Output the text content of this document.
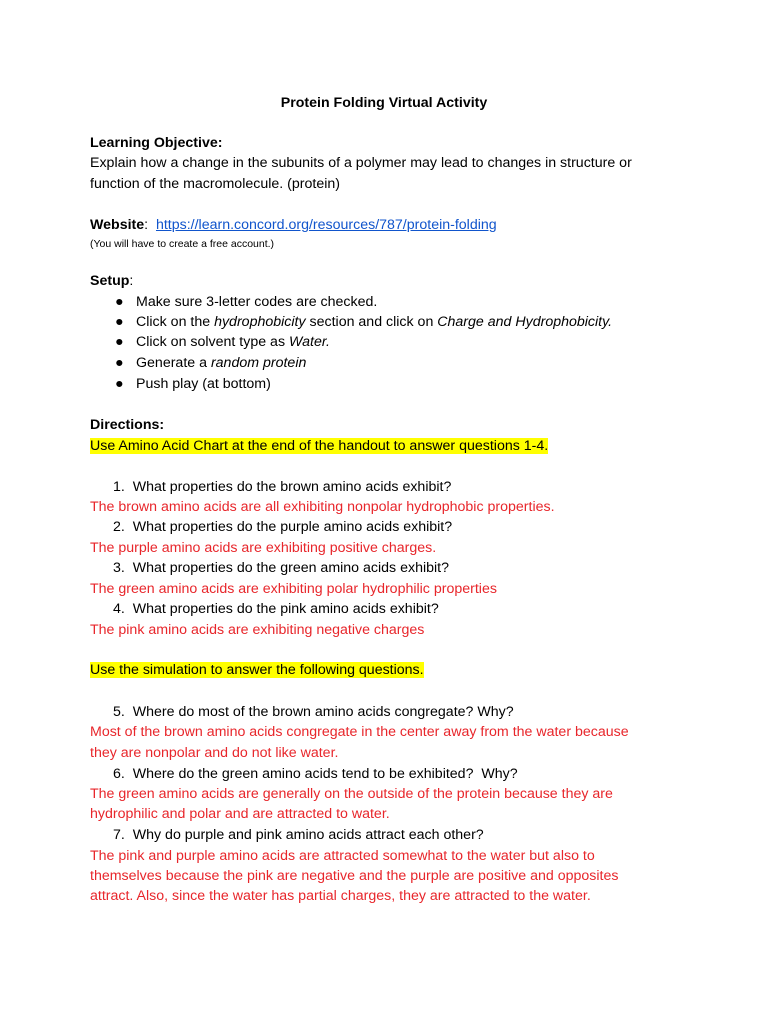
Protein Folding Virtual Activity
Learning Objective:
Explain how a change in the subunits of a polymer may lead to changes in structure or
function of the macromolecule. (protein)
Website:  https://learn.concord.org/resources/787/protein-folding
(You will have to create a free account.)
Setup:
● Make sure 3-letter codes are checked.
● Click on the hydrophobicity section and click on Charge and Hydrophobicity.
● Click on solvent type as Water.
● Generate a random protein
● Push play (at bottom)
Directions:
Use Amino Acid Chart at the end of the handout to answer questions 1-4.
1.  What properties do the brown amino acids exhibit?
The brown amino acids are all exhibiting nonpolar hydrophobic properties.
2. What properties do the purple amino acids exhibit?
The purple amino acids are exhibiting positive charges.
3. What properties do the green amino acids exhibit?
The green amino acids are exhibiting polar hydrophilic properties
4. What properties do the pink amino acids exhibit?
The pink amino acids are exhibiting negative charges
Use the simulation to answer the following questions.
5. Where do most of the brown amino acids congregate? Why?
Most of the brown amino acids congregate in the center away from the water because
they are nonpolar and do not like water.
6. Where do the green amino acids tend to be exhibited?  Why?
The green amino acids are generally on the outside of the protein because they are
hydrophilic and polar and are attracted to water.
7. Why do purple and pink amino acids attract each other?
The pink and purple amino acids are attracted somewhat to the water but also to
themselves because the pink are negative and the purple are positive and opposites
attract. Also, since the water has partial charges, they are attracted to the water.
